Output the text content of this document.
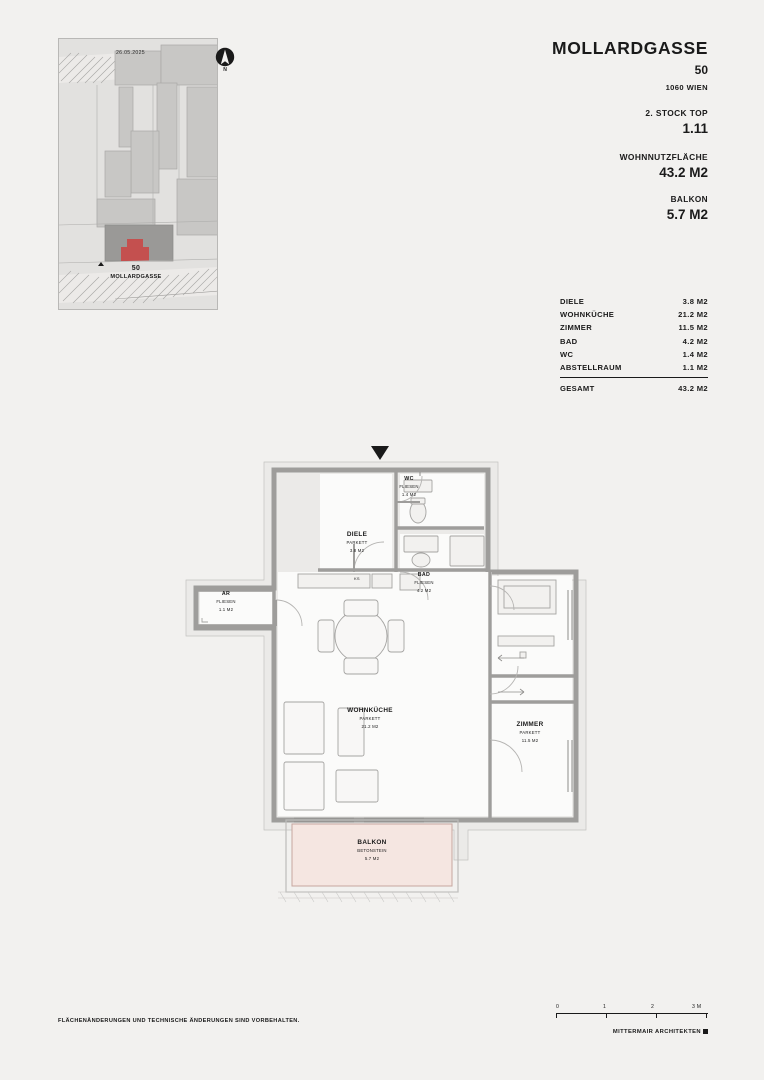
26.05.2025
N
50
MOLLARDGASSE
MOLLARDGASSE
50
1060 WIEN
2. STOCK TOP
1.11
WOHNNUTZFLÄCHE
43.2 M2
BALKON
5.7 M2
DIELE	3.8 M2
WOHNKÜCHE	21.2 M2
ZIMMER	11.5 M2
BAD	4.2 M2
WC	1.4 M2
ABSTELLRAUM	1.1 M2
GESAMT	43.2 M2
WC
FLIESEN
1.4 M2
DIELE
PARKETT
3.8 M2
BAD
FLIESEN
4.2 M2
AR
FLIESEN
1.1 M2
WOHNKÜCHE
PARKETT
21.2 M2	ZIMMER
PARKETT
11.5 M2
BALKON
BETONSTEIN
5.7 M2
KS
FLÄCHENÄNDERUNGEN UND TECHNISCHE ÄNDERUNGEN SIND VORBEHALTEN.
0	1	2	3 M
MITTERMAIR ARCHITEKTEN
